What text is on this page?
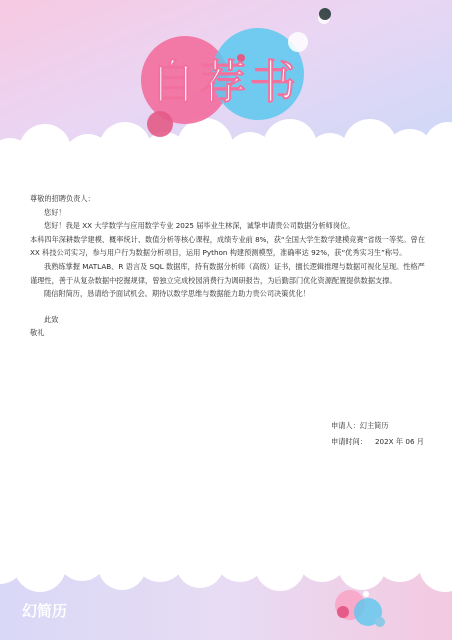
自荐书

尊敬的招聘负责人：

您好！

您好！我是 XX 大学数学与应用数学专业 2025 届毕业生林深，诚挚申请贵公司数据分析师岗位。

本科四年深耕数学建模、概率统计、数值分析等核心课程，成绩专业前 8%，获“全国大学生数学建模竞赛”省级一等奖。曾在 XX 科技公司实习，参与用户行为数据分析项目，运用 Python 构建预测模型，准确率达 92%，获“优秀实习生”称号。

我熟练掌握 MATLAB、R 语言及 SQL 数据库，持有数据分析师（高级）证书，擅长逻辑推理与数据可视化呈现。性格严谨理性，善于从复杂数据中挖掘规律，曾独立完成校园消费行为调研报告，为后勤部门优化资源配置提供数据支撑。

随信附简历，恳请给予面试机会。期待以数学思维与数据能力助力贵公司决策优化！

此致

敬礼

申请人：幻主简历
申请时间： 202X 年 06 月
幻简历
